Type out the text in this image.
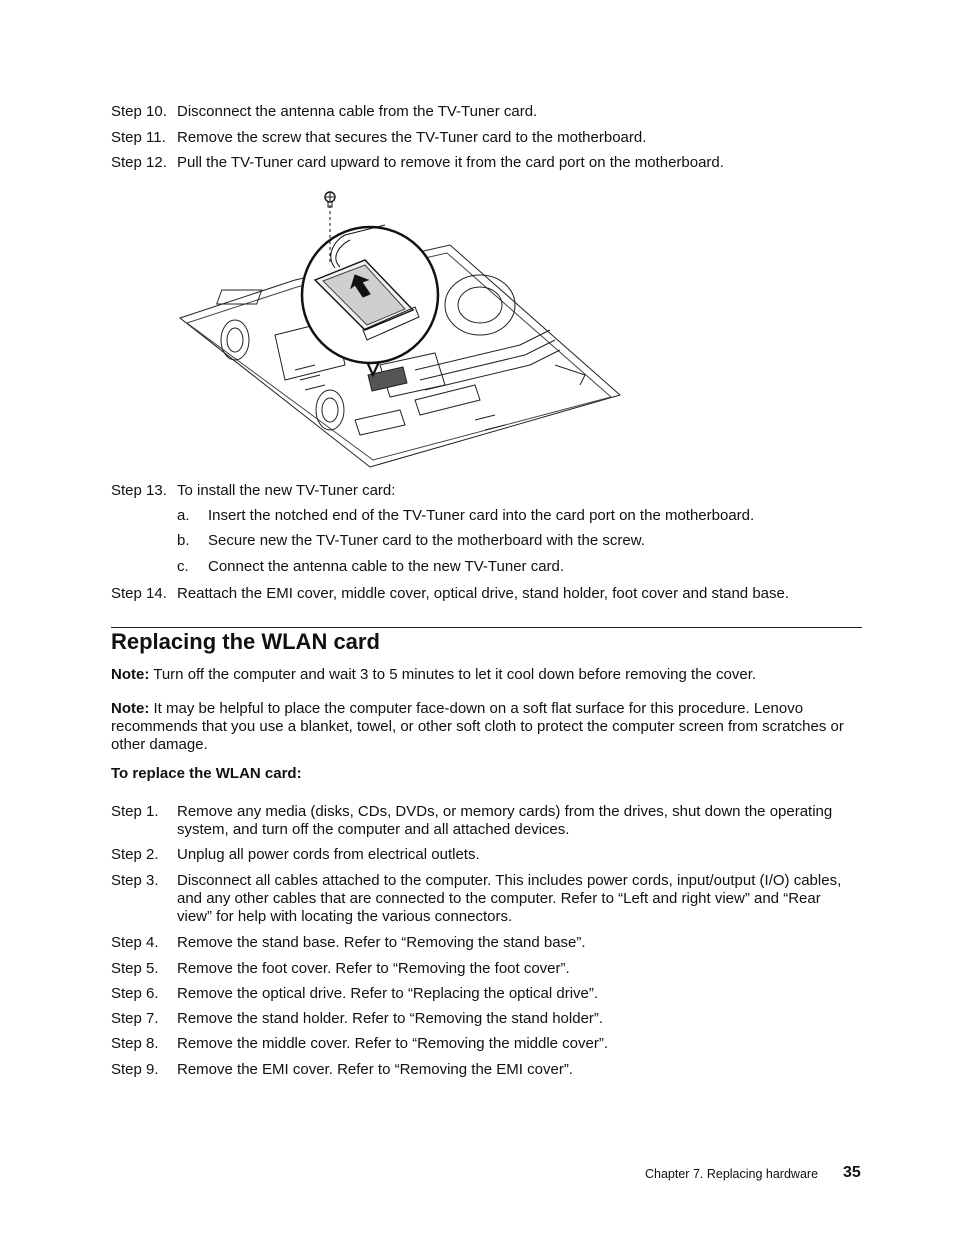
Step 10. Disconnect the antenna cable from the TV-Tuner card.
Step 11. Remove the screw that secures the TV-Tuner card to the motherboard.
Step 12. Pull the TV-Tuner card upward to remove it from the card port on the motherboard.
Step 13. To install the new TV-Tuner card:
a. Insert the notched end of the TV-Tuner card into the card port on the motherboard.
b. Secure new the TV-Tuner card to the motherboard with the screw.
c. Connect the antenna cable to the new TV-Tuner card.
Step 14. Reattach the EMI cover, middle cover, optical drive, stand holder, foot cover and stand base.
Replacing the WLAN card
Note: Turn off the computer and wait 3 to 5 minutes to let it cool down before removing the cover.
Note: It may be helpful to place the computer face-down on a soft flat surface for this procedure. Lenovo recommends that you use a blanket, towel, or other soft cloth to protect the computer screen from scratches or other damage.
To replace the WLAN card:
Step 1. Remove any media (disks, CDs, DVDs, or memory cards) from the drives, shut down the operating system, and turn off the computer and all attached devices.
Step 2. Unplug all power cords from electrical outlets.
Step 3. Disconnect all cables attached to the computer. This includes power cords, input/output (I/O) cables, and any other cables that are connected to the computer. Refer to “Left and right view” and “Rear view” for help with locating the various connectors.
Step 4. Remove the stand base. Refer to “Removing the stand base”.
Step 5. Remove the foot cover. Refer to “Removing the foot cover”.
Step 6. Remove the optical drive. Refer to “Replacing the optical drive”.
Step 7. Remove the stand holder. Refer to “Removing the stand holder”.
Step 8. Remove the middle cover. Refer to “Removing the middle cover”.
Step 9. Remove the EMI cover. Refer to “Removing the EMI cover”.
Chapter 7. Replacing hardware 35
